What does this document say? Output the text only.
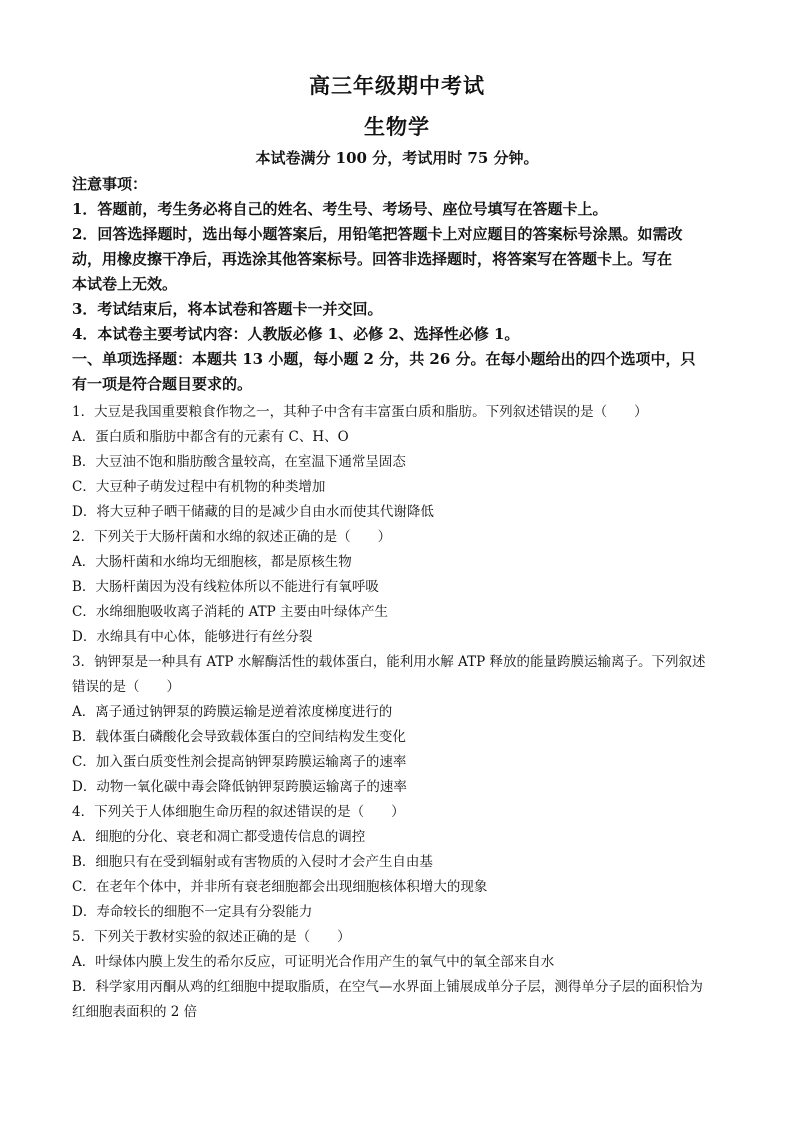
高三年级期中考试
生物学
本试卷满分 100 分，考试用时 75 分钟。
注意事项：
1．答题前，考生务必将自己的姓名、考生号、考场号、座位号填写在答题卡上。
2．回答选择题时，选出每小题答案后，用铅笔把答题卡上对应题目的答案标号涂黑。如需改
动，用橡皮擦干净后，再选涂其他答案标号。回答非选择题时，将答案写在答题卡上。写在
本试卷上无效。
3．考试结束后，将本试卷和答题卡一并交回。
4．本试卷主要考试内容：人教版必修 1、必修 2、选择性必修 1。
一、单项选择题：本题共 13 小题，每小题 2 分，共 26 分。在每小题给出的四个选项中，只
有一项是符合题目要求的。
1．大豆是我国重要粮食作物之一，其种子中含有丰富蛋白质和脂肪。下列叙述错误的是（　　）
A．蛋白质和脂肪中都含有的元素有 C、H、O
B．大豆油不饱和脂肪酸含量较高，在室温下通常呈固态
C．大豆种子萌发过程中有机物的种类增加
D．将大豆种子晒干储藏的目的是减少自由水而使其代谢降低
2．下列关于大肠杆菌和水绵的叙述正确的是（　　）
A．大肠杆菌和水绵均无细胞核，都是原核生物
B．大肠杆菌因为没有线粒体所以不能进行有氧呼吸
C．水绵细胞吸收离子消耗的 ATP 主要由叶绿体产生
D．水绵具有中心体，能够进行有丝分裂
3．钠钾泵是一种具有 ATP 水解酶活性的载体蛋白，能利用水解 ATP 释放的能量跨膜运输离子。下列叙述
错误的是（　　）
A．离子通过钠钾泵的跨膜运输是逆着浓度梯度进行的
B．载体蛋白磷酸化会导致载体蛋白的空间结构发生变化
C．加入蛋白质变性剂会提高钠钾泵跨膜运输离子的速率
D．动物一氧化碳中毒会降低钠钾泵跨膜运输离子的速率
4．下列关于人体细胞生命历程的叙述错误的是（　　）
A．细胞的分化、衰老和凋亡都受遗传信息的调控
B．细胞只有在受到辐射或有害物质的入侵时才会产生自由基
C．在老年个体中，并非所有衰老细胞都会出现细胞核体积增大的现象
D．寿命较长的细胞不一定具有分裂能力
5．下列关于教材实验的叙述正确的是（　　）
A．叶绿体内膜上发生的希尔反应，可证明光合作用产生的氧气中的氧全部来自水
B．科学家用丙酮从鸡的红细胞中提取脂质，在空气—水界面上铺展成单分子层，测得单分子层的面积恰为
红细胞表面积的 2 倍
